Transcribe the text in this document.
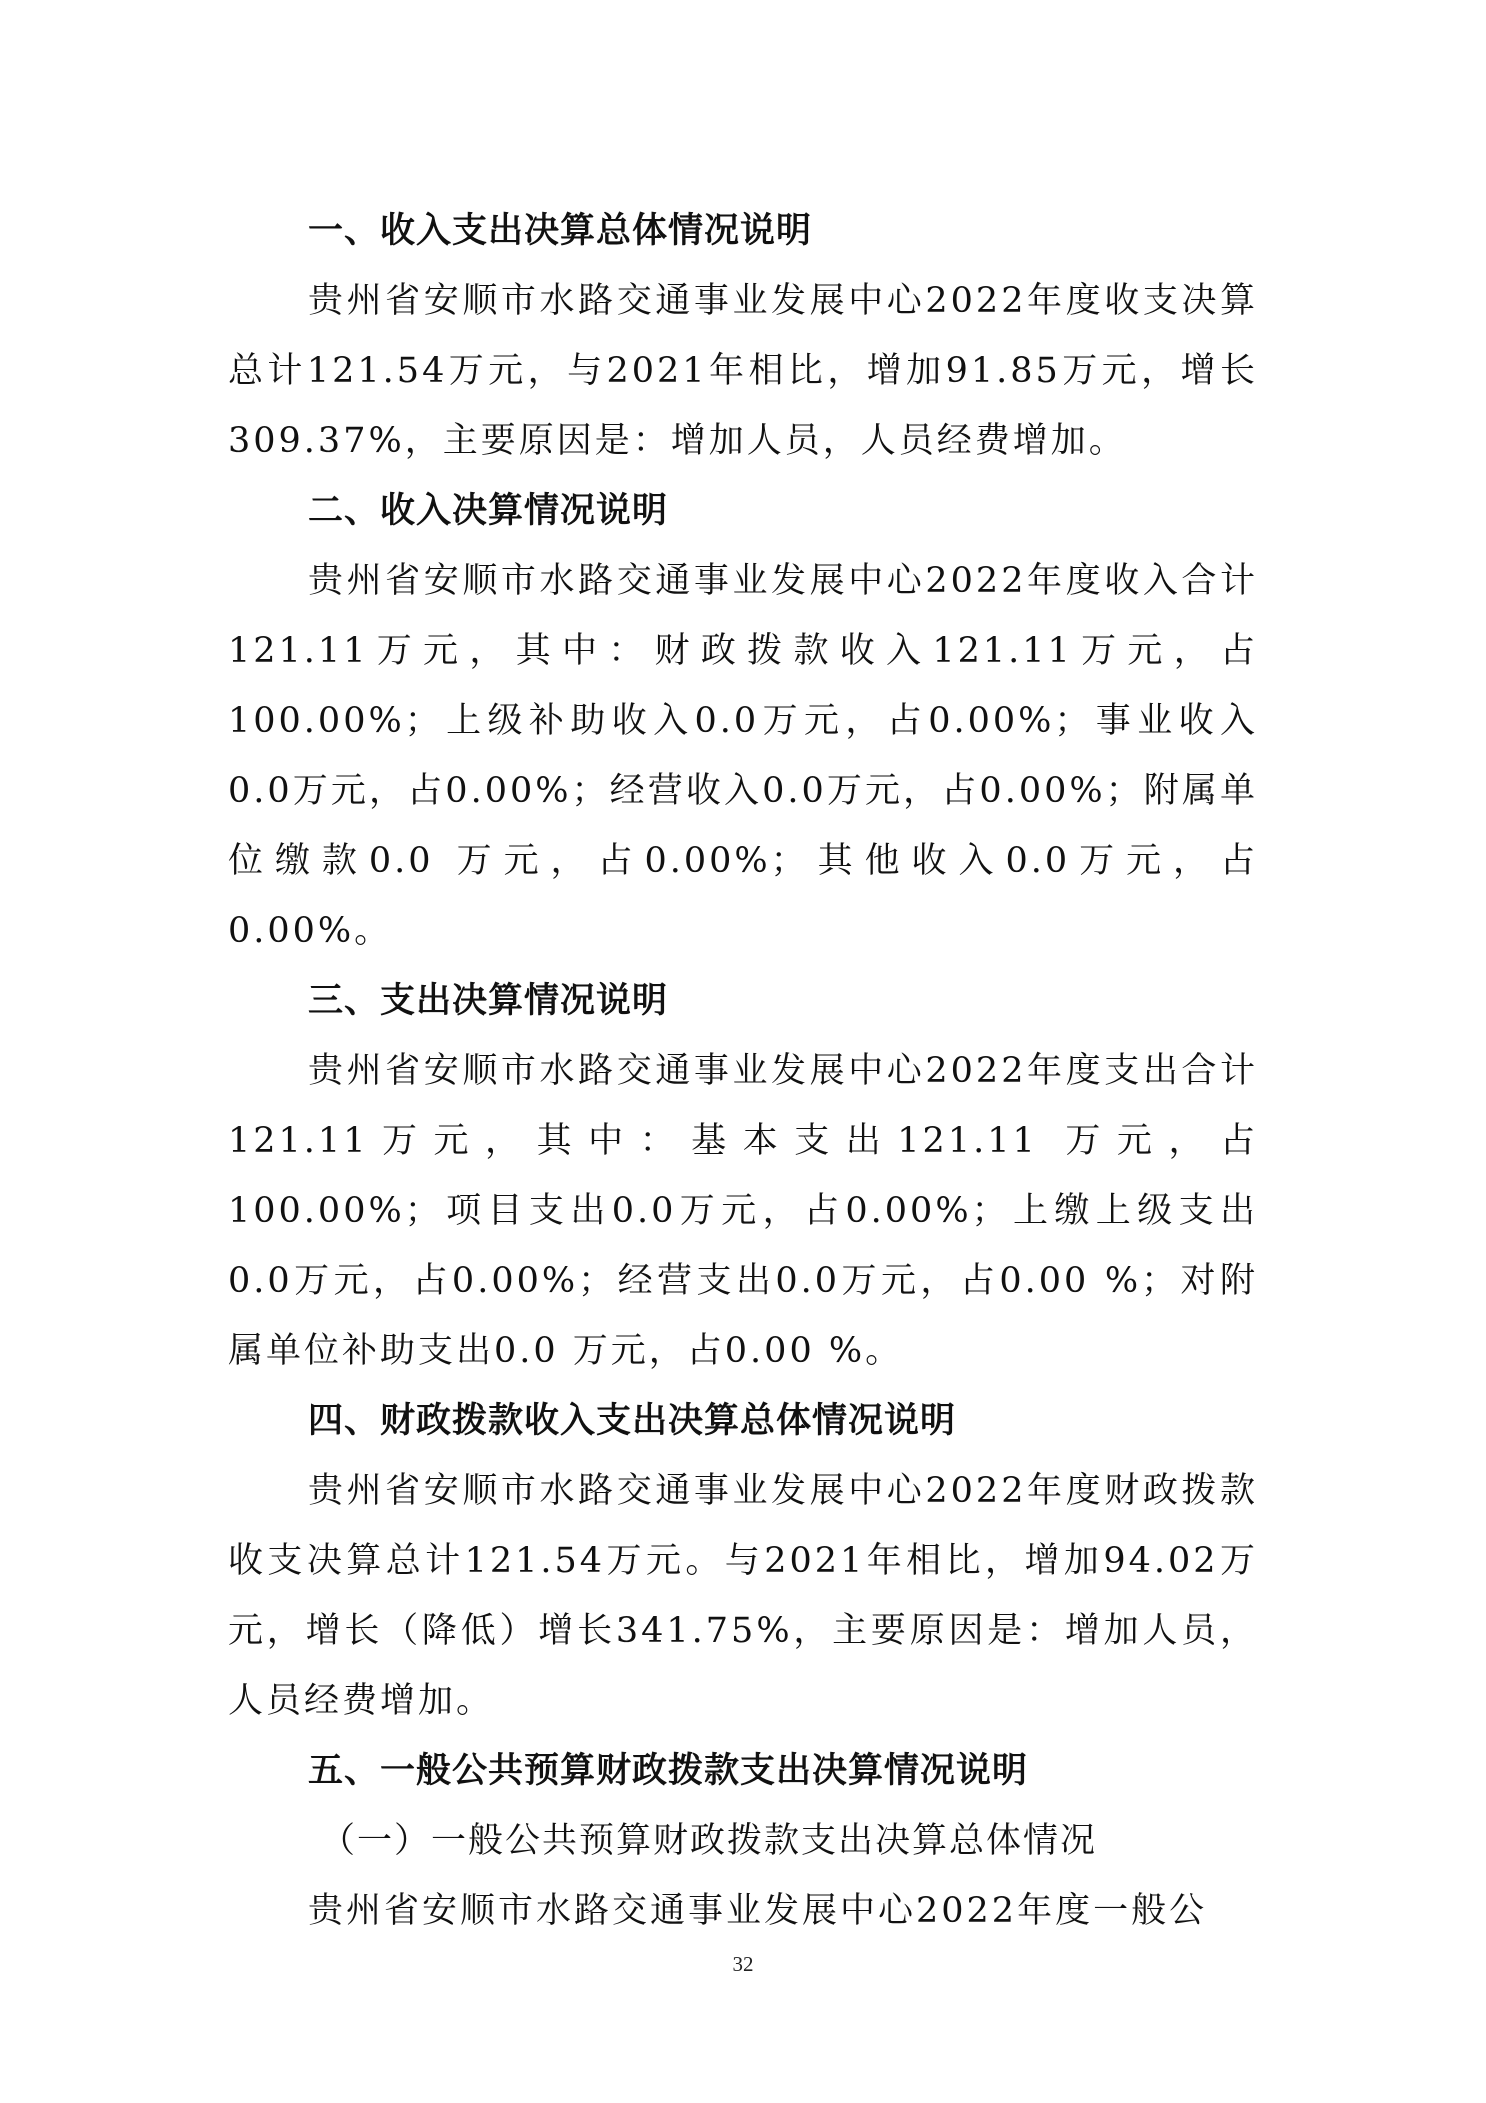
一、收入支出决算总体情况说明
贵州省安顺市水路交通事业发展中心2022年度收支决算总计121.54万元，与2021年相比，增加91.85万元，增长309.37%，主要原因是：增加人员，人员经费增加。
二、收入决算情况说明
贵州省安顺市水路交通事业发展中心2022年度收入合计121.11万元，其中：财政拨款收入121.11万元，占100.00%；上级补助收入0.0万元，占0.00%；事业收入0.0万元，占0.00%；经营收入0.0万元，占0.00%；附属单位缴款0.0 万元，占0.00%；其他收入0.0万元，占0.00%。
三、支出决算情况说明
贵州省安顺市水路交通事业发展中心2022年度支出合计121.11万元，其中：基本支出121.11 万元，占100.00%；项目支出0.0万元，占0.00%；上缴上级支出0.0万元，占0.00%；经营支出0.0万元，占0.00 %；对附属单位补助支出0.0 万元，占0.00 %。
四、财政拨款收入支出决算总体情况说明
贵州省安顺市水路交通事业发展中心2022年度财政拨款收支决算总计121.54万元。与2021年相比，增加94.02万元，增长（降低）增长341.75%，主要原因是：增加人员，人员经费增加。
五、一般公共预算财政拨款支出决算情况说明
（一）一般公共预算财政拨款支出决算总体情况
贵州省安顺市水路交通事业发展中心2022年度一般公
32
